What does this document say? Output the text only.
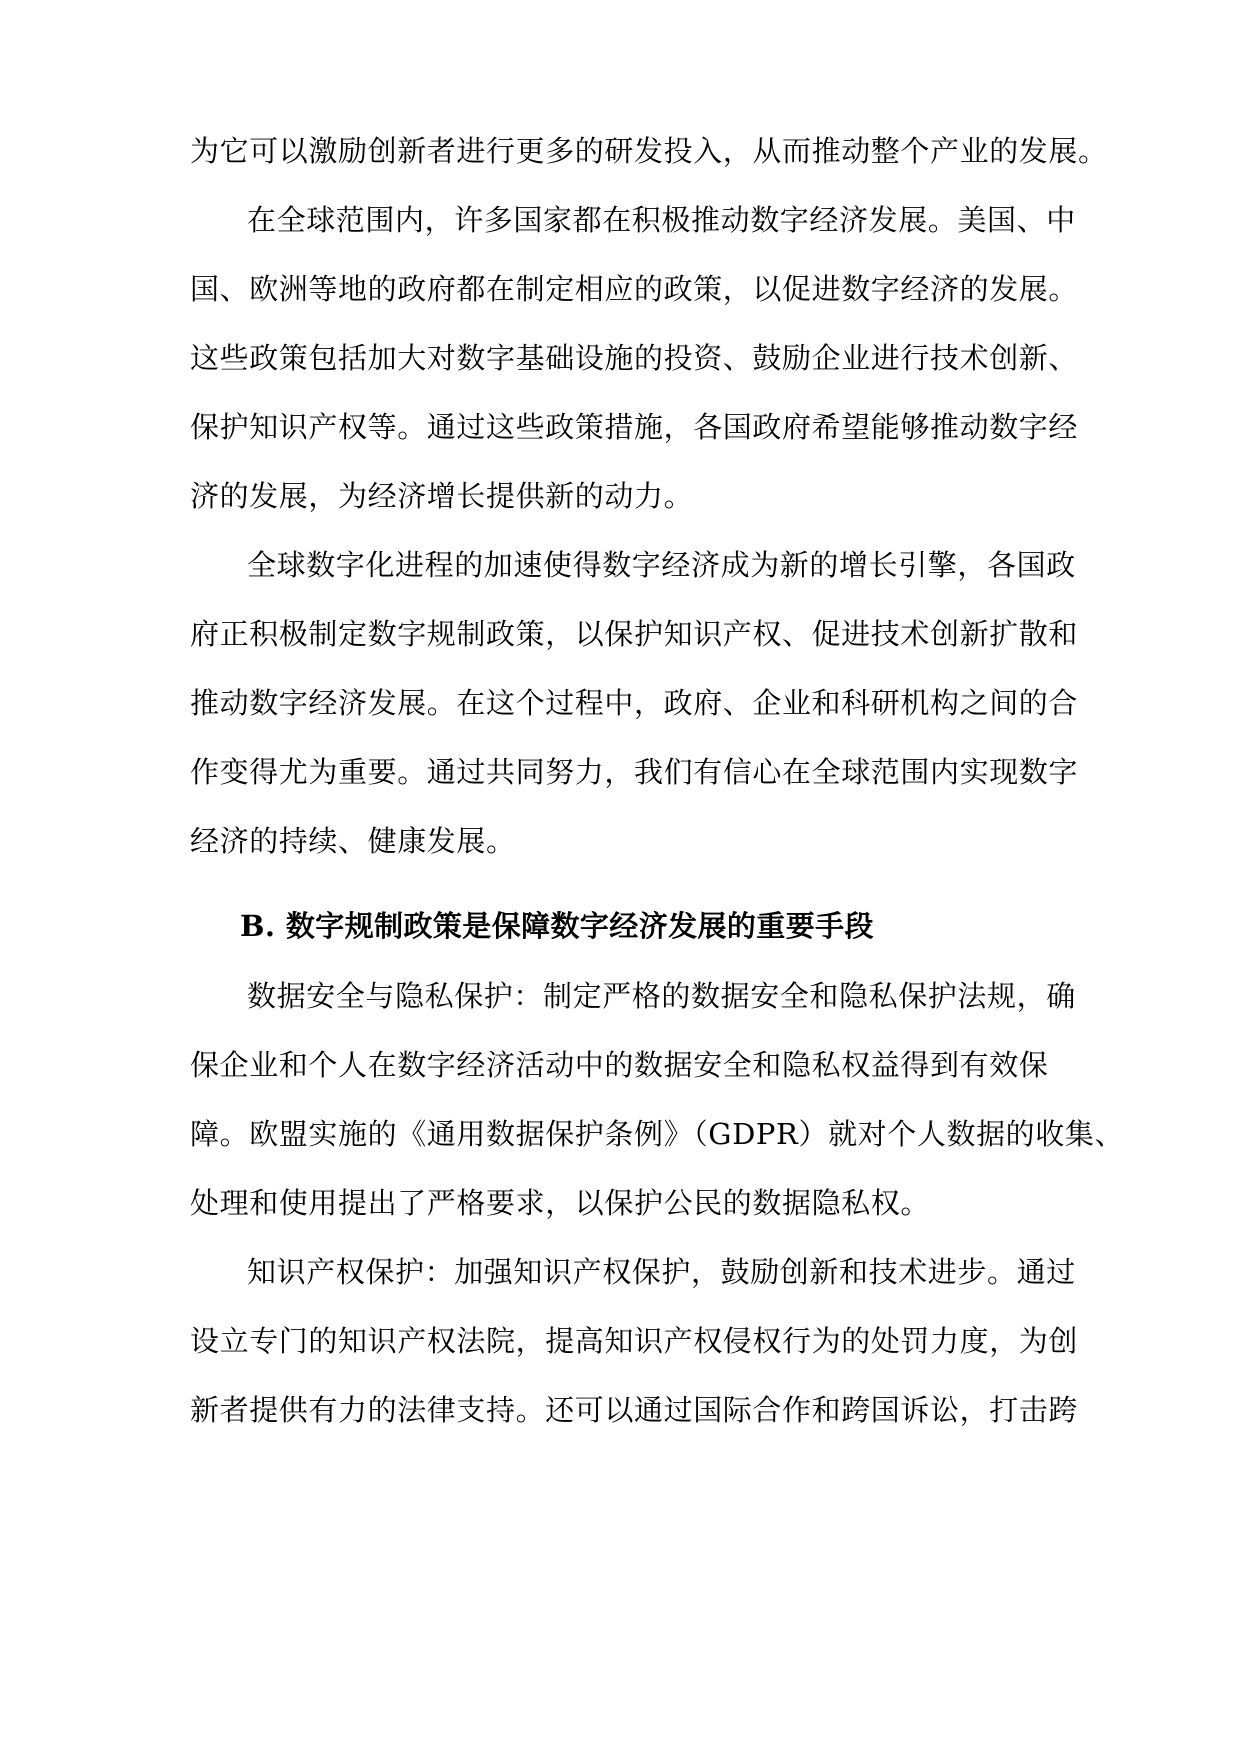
为它可以激励创新者进行更多的研发投入，从而推动整个产业的发展。
在全球范围内，许多国家都在积极推动数字经济发展。美国、中
国、欧洲等地的政府都在制定相应的政策，以促进数字经济的发展。
这些政策包括加大对数字基础设施的投资、鼓励企业进行技术创新、
保护知识产权等。通过这些政策措施，各国政府希望能够推动数字经
济的发展，为经济增长提供新的动力。
全球数字化进程的加速使得数字经济成为新的增长引擎，各国政
府正积极制定数字规制政策，以保护知识产权、促进技术创新扩散和
推动数字经济发展。在这个过程中，政府、企业和科研机构之间的合
作变得尤为重要。通过共同努力，我们有信心在全球范围内实现数字
经济的持续、健康发展。
B. 数字规制政策是保障数字经济发展的重要手段
数据安全与隐私保护：制定严格的数据安全和隐私保护法规，确
保企业和个人在数字经济活动中的数据安全和隐私权益得到有效保
障。欧盟实施的《通用数据保护条例》（GDPR）就对个人数据的收集、
处理和使用提出了严格要求，以保护公民的数据隐私权。
知识产权保护：加强知识产权保护，鼓励创新和技术进步。通过
设立专门的知识产权法院，提高知识产权侵权行为的处罚力度，为创
新者提供有力的法律支持。还可以通过国际合作和跨国诉讼，打击跨
